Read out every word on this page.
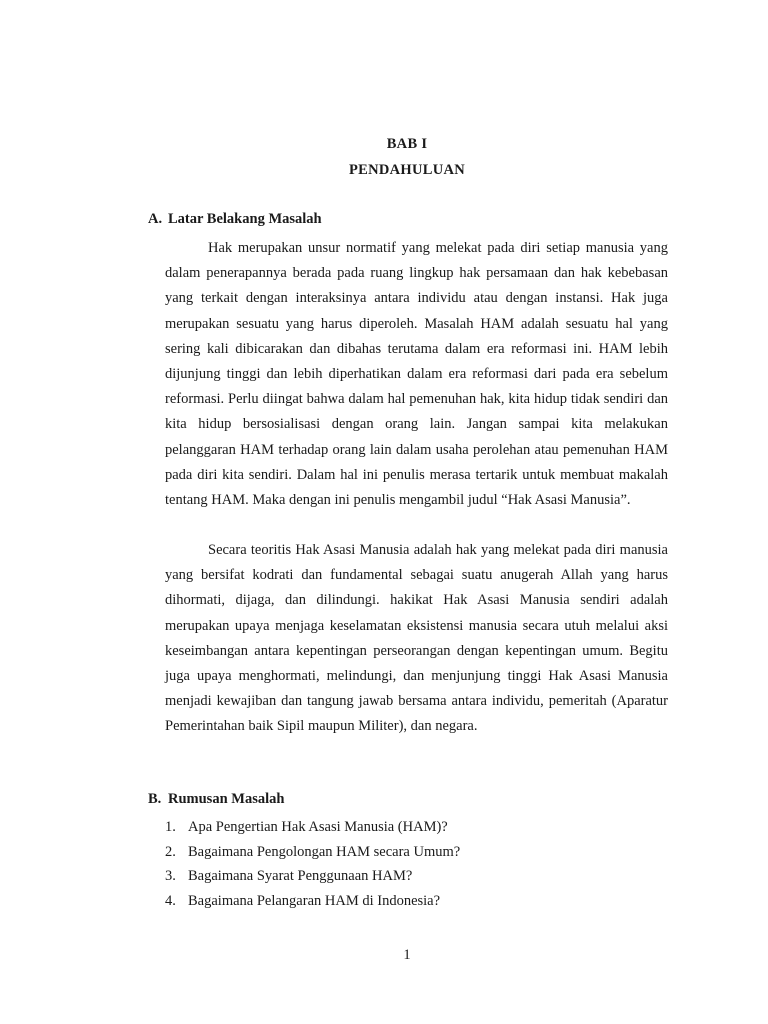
BAB I
PENDAHULUAN
A. Latar Belakang Masalah

Hak merupakan unsur normatif yang melekat pada diri setiap manusia yang dalam penerapannya berada pada ruang lingkup hak persamaan dan hak kebebasan yang terkait dengan interaksinya antara individu atau dengan instansi. Hak juga merupakan sesuatu yang harus diperoleh. Masalah HAM adalah sesuatu hal yang sering kali dibicarakan dan dibahas terutama dalam era reformasi ini. HAM lebih dijunjung tinggi dan lebih diperhatikan dalam era reformasi dari pada era sebelum reformasi. Perlu diingat bahwa dalam hal pemenuhan hak, kita hidup tidak sendiri dan kita hidup bersosialisasi dengan orang lain. Jangan sampai kita melakukan pelanggaran HAM terhadap orang lain dalam usaha perolehan atau pemenuhan HAM pada diri kita sendiri. Dalam hal ini penulis merasa tertarik untuk membuat makalah tentang HAM. Maka dengan ini penulis mengambil judul “Hak Asasi Manusia”.

Secara teoritis Hak Asasi Manusia adalah hak yang melekat pada diri manusia yang bersifat kodrati dan fundamental sebagai suatu anugerah Allah yang harus dihormati, dijaga, dan dilindungi. hakikat Hak Asasi Manusia sendiri adalah merupakan upaya menjaga keselamatan eksistensi manusia secara utuh melalui aksi keseimbangan antara kepentingan perseorangan dengan kepentingan umum. Begitu juga upaya menghormati, melindungi, dan menjunjung tinggi Hak Asasi Manusia menjadi kewajiban dan tangung jawab bersama antara individu, pemeritah (Aparatur Pemerintahan baik Sipil maupun Militer), dan negara.

B. Rumusan Masalah
1. Apa Pengertian Hak Asasi Manusia (HAM)?
2. Bagaimana Pengolongan HAM secara Umum?
3. Bagaimana Syarat Penggunaan HAM?
4. Bagaimana Pelangaran HAM di Indonesia?
1
